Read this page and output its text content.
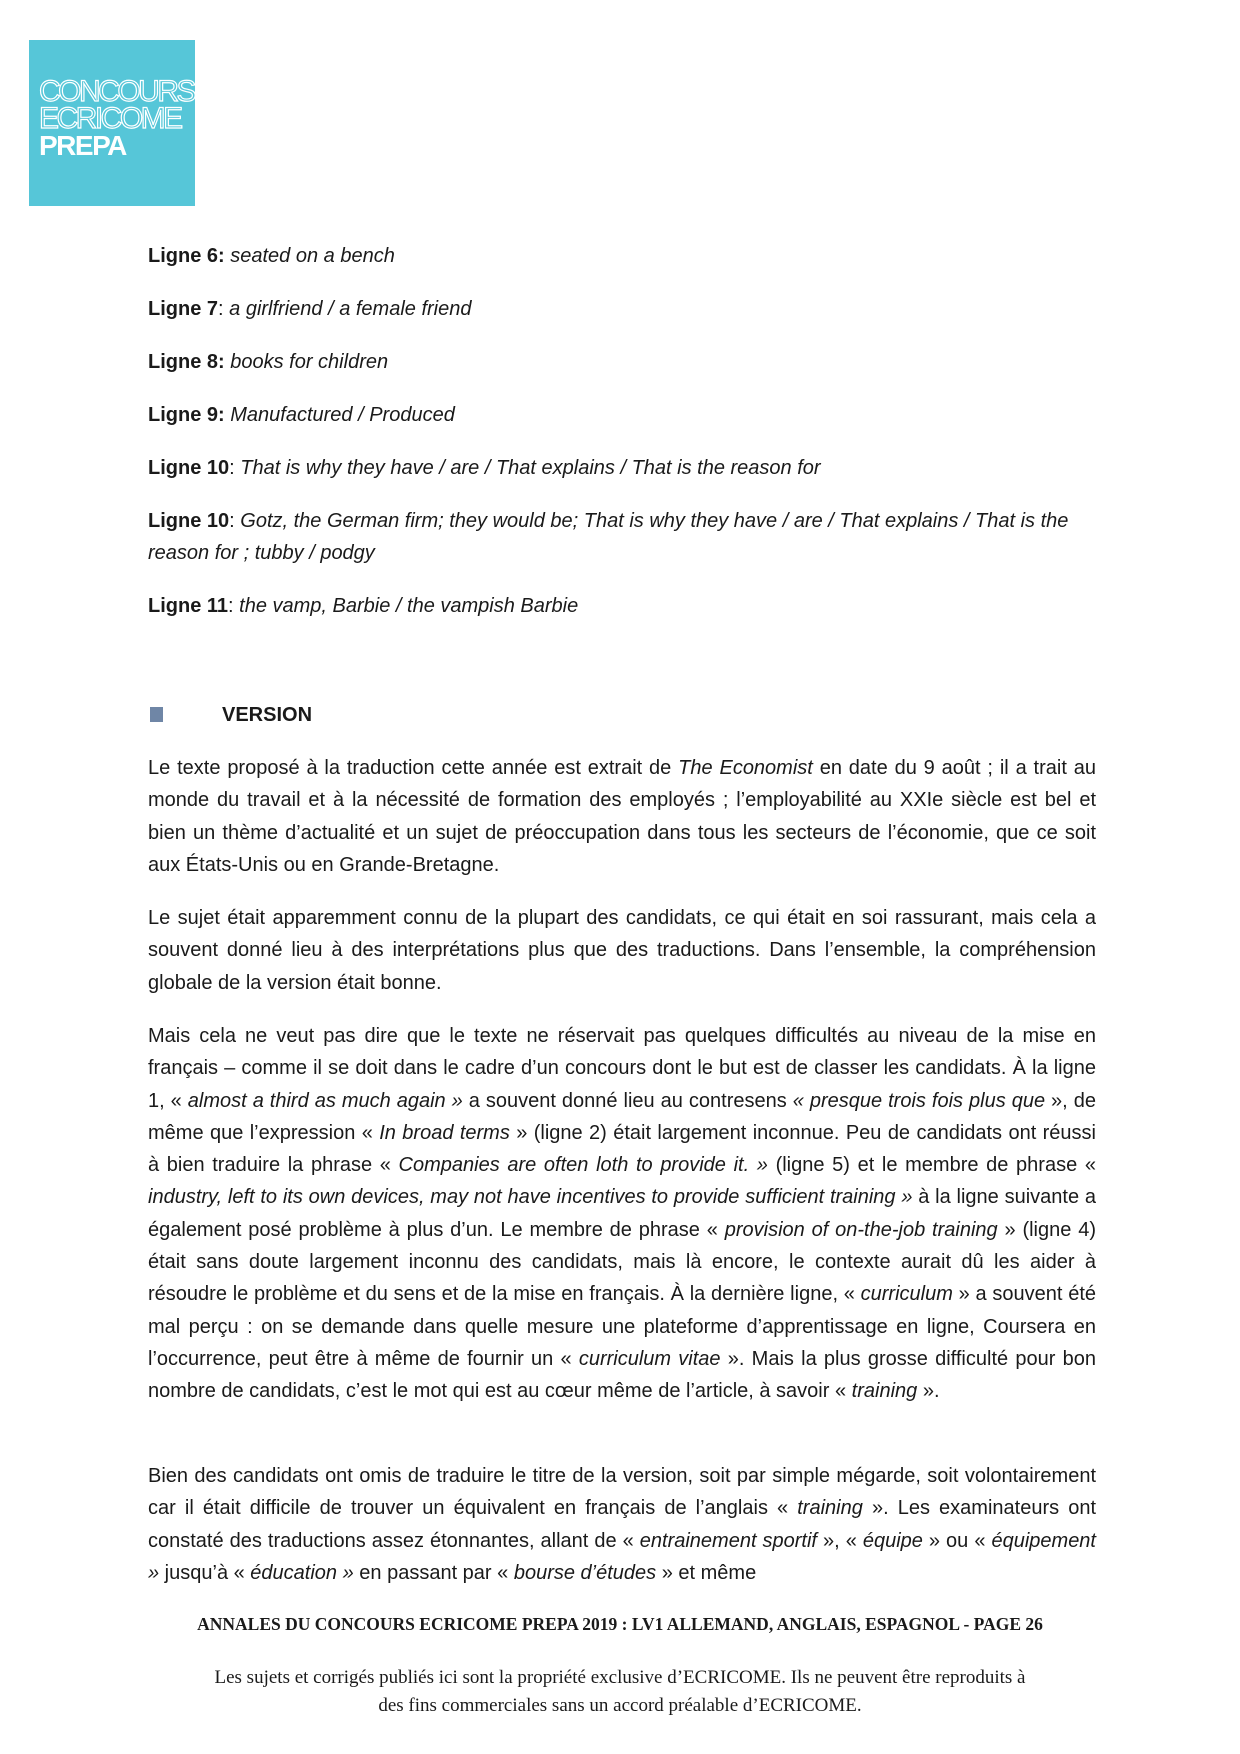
CONCOURS
ECRICOME
PREPA
Ligne 6: seated on a bench
Ligne 7: a girlfriend / a female friend
Ligne 8: books for children
Ligne 9: Manufactured / Produced
Ligne 10: That is why they have / are / That explains / That is the reason for
Ligne 10: Gotz, the German firm; they would be; That is why they have / are / That explains / That is the reason for ; tubby / podgy
Ligne 11: the vamp, Barbie / the vampish Barbie
VERSION

Le texte proposé à la traduction cette année est extrait de The Economist en date du 9 août ; il a trait au monde du travail et à la nécessité de formation des employés ; l’employabilité au XXIe siècle est bel et bien un thème d’actualité et un sujet de préoccupation dans tous les secteurs de l’économie, que ce soit aux États-Unis ou en Grande-Bretagne.

Le sujet était apparemment connu de la plupart des candidats, ce qui était en soi rassurant, mais cela a souvent donné lieu à des interprétations plus que des traductions. Dans l’ensemble, la compréhension globale de la version était bonne.

Mais cela ne veut pas dire que le texte ne réservait pas quelques difficultés au niveau de la mise en français – comme il se doit dans le cadre d’un concours dont le but est de classer les candidats. À la ligne 1, « almost a third as much again » a souvent donné lieu au contresens « presque trois fois plus que », de même que l’expression « In broad terms » (ligne 2) était largement inconnue. Peu de candidats ont réussi à bien traduire la phrase « Companies are often loth to provide it. » (ligne 5) et le membre de phrase « industry, left to its own devices, may not have incentives to provide sufficient training » à la ligne suivante a également posé problème à plus d’un. Le membre de phrase « provision of on-the-job training » (ligne 4) était sans doute largement inconnu des candidats, mais là encore, le contexte aurait dû les aider à résoudre le problème et du sens et de la mise en français. À la dernière ligne, « curriculum » a souvent été mal perçu : on se demande dans quelle mesure une plateforme d’apprentissage en ligne, Coursera en l’occurrence, peut être à même de fournir un « curriculum vitae ». Mais la plus grosse difficulté pour bon nombre de candidats, c’est le mot qui est au cœur même de l’article, à savoir « training ».

Bien des candidats ont omis de traduire le titre de la version, soit par simple mégarde, soit volontairement car il était difficile de trouver un équivalent en français de l’anglais « training ». Les examinateurs ont constaté des traductions assez étonnantes, allant de « entrainement sportif », « équipe » ou « équipement » jusqu’à « éducation » en passant par « bourse d’études » et même

ANNALES DU CONCOURS ECRICOME PREPA 2019 : LV1 ALLEMAND, ANGLAIS, ESPAGNOL - PAGE 26
Les sujets et corrigés publiés ici sont la propriété exclusive d’ECRICOME. Ils ne peuvent être reproduits à
des fins commerciales sans un accord préalable d’ECRICOME.
